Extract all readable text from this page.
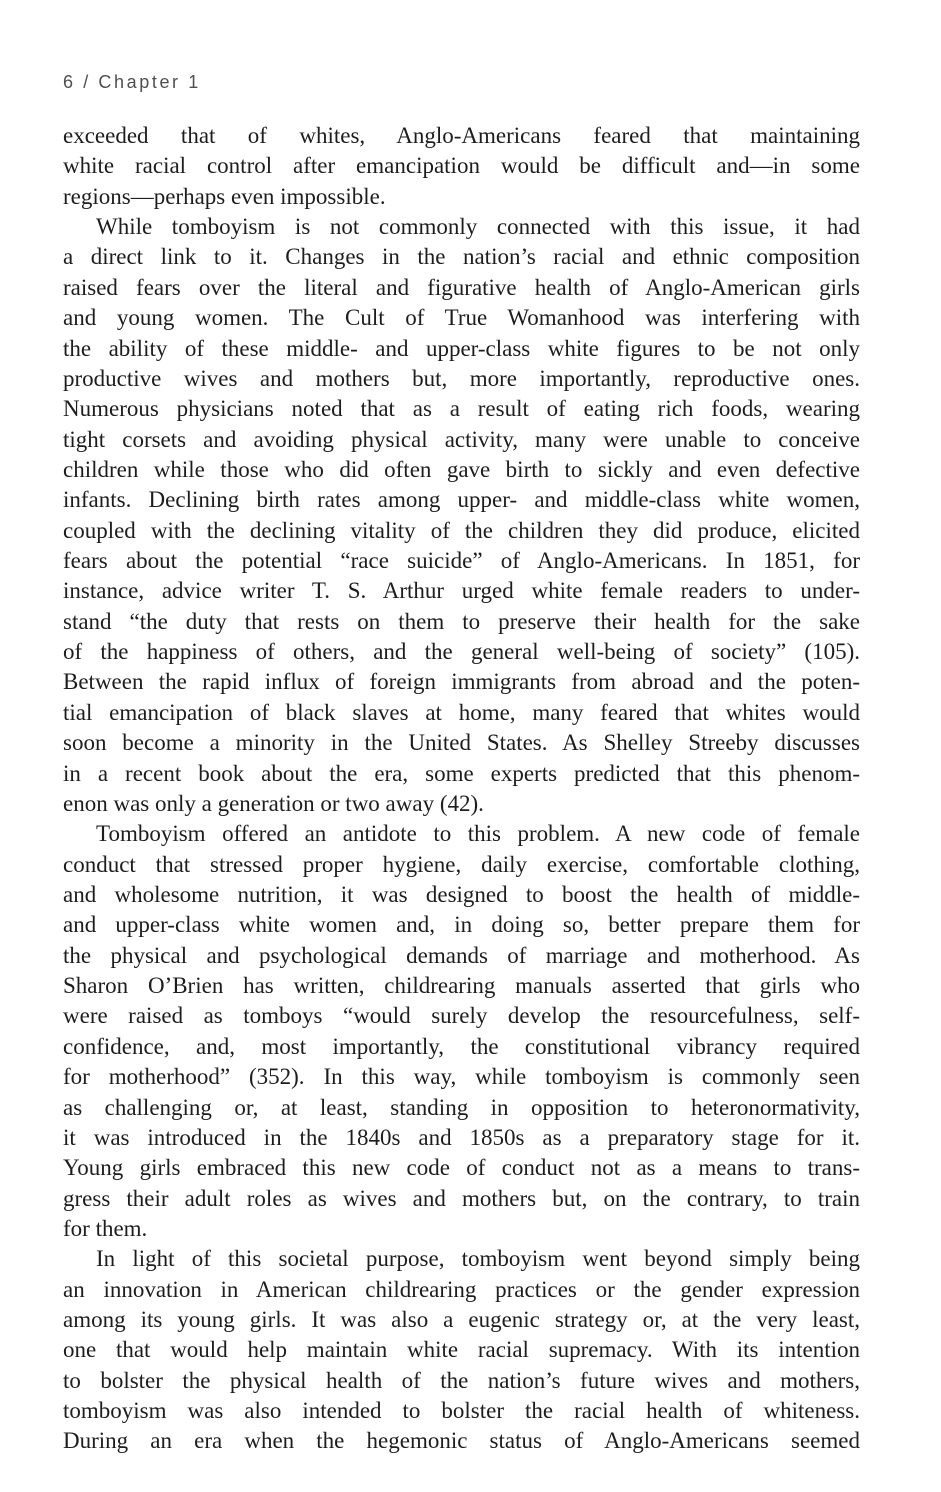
6 / Chapter 1
exceeded that of whites, Anglo-Americans feared that maintaining
white racial control after emancipation would be difficult and—in some
regions—perhaps even impossible.
While tomboyism is not commonly connected with this issue, it had
a direct link to it. Changes in the nation’s racial and ethnic composition
raised fears over the literal and figurative health of Anglo-American girls
and young women. The Cult of True Womanhood was interfering with
the ability of these middle- and upper-class white figures to be not only
productive wives and mothers but, more importantly, reproductive ones.
Numerous physicians noted that as a result of eating rich foods, wearing
tight corsets and avoiding physical activity, many were unable to conceive
children while those who did often gave birth to sickly and even defective
infants. Declining birth rates among upper- and middle-class white women,
coupled with the declining vitality of the children they did produce, elicited
fears about the potential “race suicide” of Anglo-Americans. In 1851, for
instance, advice writer T. S. Arthur urged white female readers to under-
stand “the duty that rests on them to preserve their health for the sake
of the happiness of others, and the general well-being of society” (105).
Between the rapid influx of foreign immigrants from abroad and the poten-
tial emancipation of black slaves at home, many feared that whites would
soon become a minority in the United States. As Shelley Streeby discusses
in a recent book about the era, some experts predicted that this phenom-
enon was only a generation or two away (42).
Tomboyism offered an antidote to this problem. A new code of female
conduct that stressed proper hygiene, daily exercise, comfortable clothing,
and wholesome nutrition, it was designed to boost the health of middle-
and upper-class white women and, in doing so, better prepare them for
the physical and psychological demands of marriage and motherhood. As
Sharon O’Brien has written, childrearing manuals asserted that girls who
were raised as tomboys “would surely develop the resourcefulness, self-
confidence, and, most importantly, the constitutional vibrancy required
for motherhood” (352). In this way, while tomboyism is commonly seen
as challenging or, at least, standing in opposition to heteronormativity,
it was introduced in the 1840s and 1850s as a preparatory stage for it.
Young girls embraced this new code of conduct not as a means to trans-
gress their adult roles as wives and mothers but, on the contrary, to train
for them.
In light of this societal purpose, tomboyism went beyond simply being
an innovation in American childrearing practices or the gender expression
among its young girls. It was also a eugenic strategy or, at the very least,
one that would help maintain white racial supremacy. With its intention
to bolster the physical health of the nation’s future wives and mothers,
tomboyism was also intended to bolster the racial health of whiteness.
During an era when the hegemonic status of Anglo-Americans seemed
